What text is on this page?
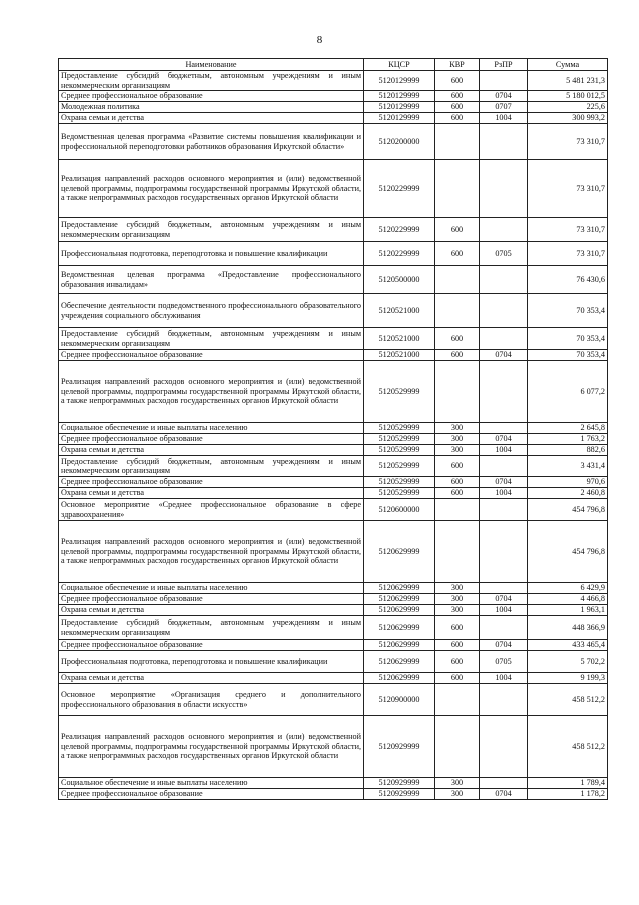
8
Наименование	КЦСР	КВР	РзПР	Сумма
Предоставление субсидий бюджетным, автономным учреждениям и иным некоммерческим организациям	5120129999	600		5 481 231,3
Среднее профессиональное образование	5120129999	600	0704	5 180 012,5
Молодежная политика	5120129999	600	0707	225,6
Охрана семьи и детства	5120129999	600	1004	300 993,2
Ведомственная целевая программа «Развитие системы повышения квалификации и профессиональной переподготовки работников образования Иркутской области»	5120200000			73 310,7
Реализация направлений расходов основного мероприятия и (или) ведомственной целевой программы, подпрограммы государственной программы Иркутской области, а также непрограммных расходов государственных органов Иркутской области	5120229999			73 310,7
Предоставление субсидий бюджетным, автономным учреждениям и иным некоммерческим организациям	5120229999	600		73 310,7
Профессиональная подготовка, переподготовка и повышение квалификации	5120229999	600	0705	73 310,7
Ведомственная целевая программа «Предоставление профессионального образования инвалидам»	5120500000			76 430,6
Обеспечение деятельности подведомственного профессионального образовательного учреждения социального обслуживания	5120521000			70 353,4
Предоставление субсидий бюджетным, автономным учреждениям и иным некоммерческим организациям	5120521000	600		70 353,4
Среднее профессиональное образование	5120521000	600	0704	70 353,4
Реализация направлений расходов основного мероприятия и (или) ведомственной целевой программы, подпрограммы государственной программы Иркутской области, а также непрограммных расходов государственных органов Иркутской области	5120529999			6 077,2
Социальное обеспечение и иные выплаты населению	5120529999	300		2 645,8
Среднее профессиональное образование	5120529999	300	0704	1 763,2
Охрана семьи и детства	5120529999	300	1004	882,6
Предоставление субсидий бюджетным, автономным учреждениям и иным некоммерческим организациям	5120529999	600		3 431,4
Среднее профессиональное образование	5120529999	600	0704	970,6
Охрана семьи и детства	5120529999	600	1004	2 460,8
Основное мероприятие «Среднее профессиональное образование в сфере здравоохранения»	5120600000			454 796,8
Реализация направлений расходов основного мероприятия и (или) ведомственной целевой программы, подпрограммы государственной программы Иркутской области, а также непрограммных расходов государственных органов Иркутской области	5120629999			454 796,8
Социальное обеспечение и иные выплаты населению	5120629999	300		6 429,9
Среднее профессиональное образование	5120629999	300	0704	4 466,8
Охрана семьи и детства	5120629999	300	1004	1 963,1
Предоставление субсидий бюджетным, автономным учреждениям и иным некоммерческим организациям	5120629999	600		448 366,9
Среднее профессиональное образование	5120629999	600	0704	433 465,4
Профессиональная подготовка, переподготовка и повышение квалификации	5120629999	600	0705	5 702,2
Охрана семьи и детства	5120629999	600	1004	9 199,3
Основное мероприятие «Организация среднего и дополнительного профессионального образования в области искусств»	5120900000			458 512,2
Реализация направлений расходов основного мероприятия и (или) ведомственной целевой программы, подпрограммы государственной программы Иркутской области, а также непрограммных расходов государственных органов Иркутской области	5120929999			458 512,2
Социальное обеспечение и иные выплаты населению	5120929999	300		1 789,4
Среднее профессиональное образование	5120929999	300	0704	1 178,2
